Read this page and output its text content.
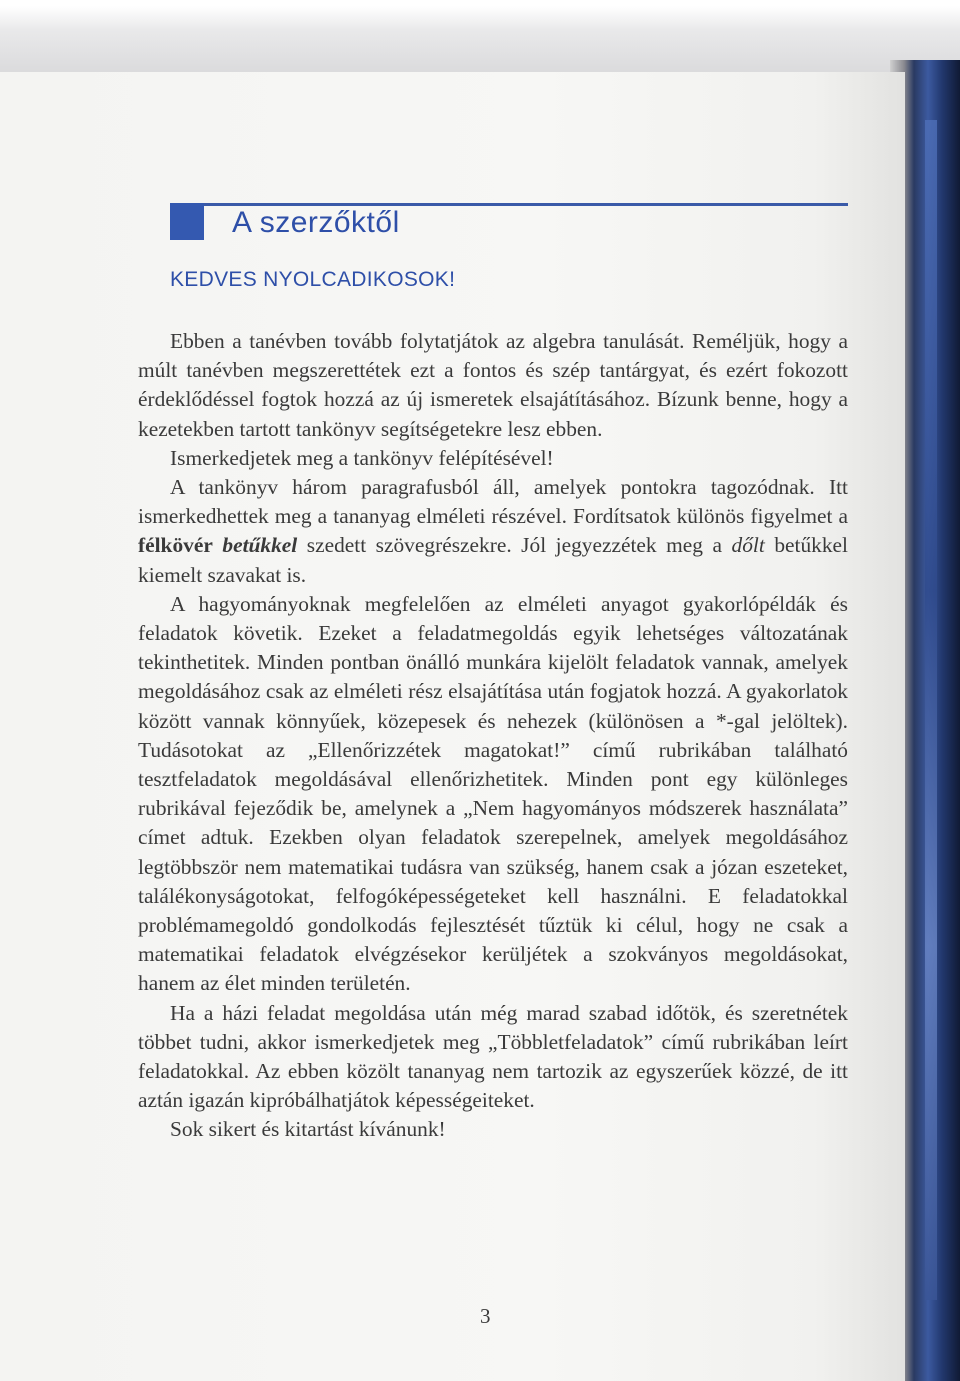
A szerzőktől
KEDVES NYOLCADIKOSOK!

Ebben a tanévben tovább folytatjátok az algebra tanulását. Reméljük, hogy a múlt tanévben megszerettétek ezt a fontos és szép tantárgyat, és ezért fokozott érdeklődéssel fogtok hozzá az új ismeretek elsajátításához. Bízunk benne, hogy a kezetekben tartott tankönyv segítségetekre lesz ebben.

Ismerkedjetek meg a tankönyv felépítésével!

A tankönyv három paragrafusból áll, amelyek pontokra tagozódnak. Itt ismerkedhettek meg a tananyag elméleti részével. Fordítsatok különös figyelmet a félkövér betűkkel szedett szövegrészekre. Jól jegyezzétek meg a dőlt betűkkel kiemelt szavakat is.

A hagyományoknak megfelelően az elméleti anyagot gyakorlópéldák és feladatok követik. Ezeket a feladatmegoldás egyik lehetséges változatának tekinthetitek. Minden pontban önálló munkára kijelölt feladatok vannak, amelyek megoldásához csak az elméleti rész elsajátítása után fogjatok hozzá. A gyakorlatok között vannak könnyűek, közepesek és nehezek (különösen a *-gal jelöltek). Tudásotokat az „Ellenőrizzétek magatokat!” című rubrikában található tesztfeladatok megoldásával ellenőrizhetitek. Minden pont egy különleges rubrikával fejeződik be, amelynek a „Nem hagyományos módszerek használata” címet adtuk. Ezekben olyan feladatok szerepelnek, amelyek megoldásához legtöbbször nem matematikai tudásra van szükség, hanem csak a józan eszeteket, találékonyságotokat, felfogóképességeteket kell használni. E feladatokkal problémamegoldó gondolkodás fejlesztését tűztük ki célul, hogy ne csak a matematikai feladatok elvégzésekor kerüljétek a szokványos megoldásokat, hanem az élet minden területén.

Ha a házi feladat megoldása után még marad szabad időtök, és szeretnétek többet tudni, akkor ismerkedjetek meg „Többletfeladatok” című rubrikában leírt feladatokkal. Az ebben közölt tananyag nem tartozik az egyszerűek közzé, de itt aztán igazán kipróbálhatjátok képességeiteket.

Sok sikert és kitartást kívánunk!

3
